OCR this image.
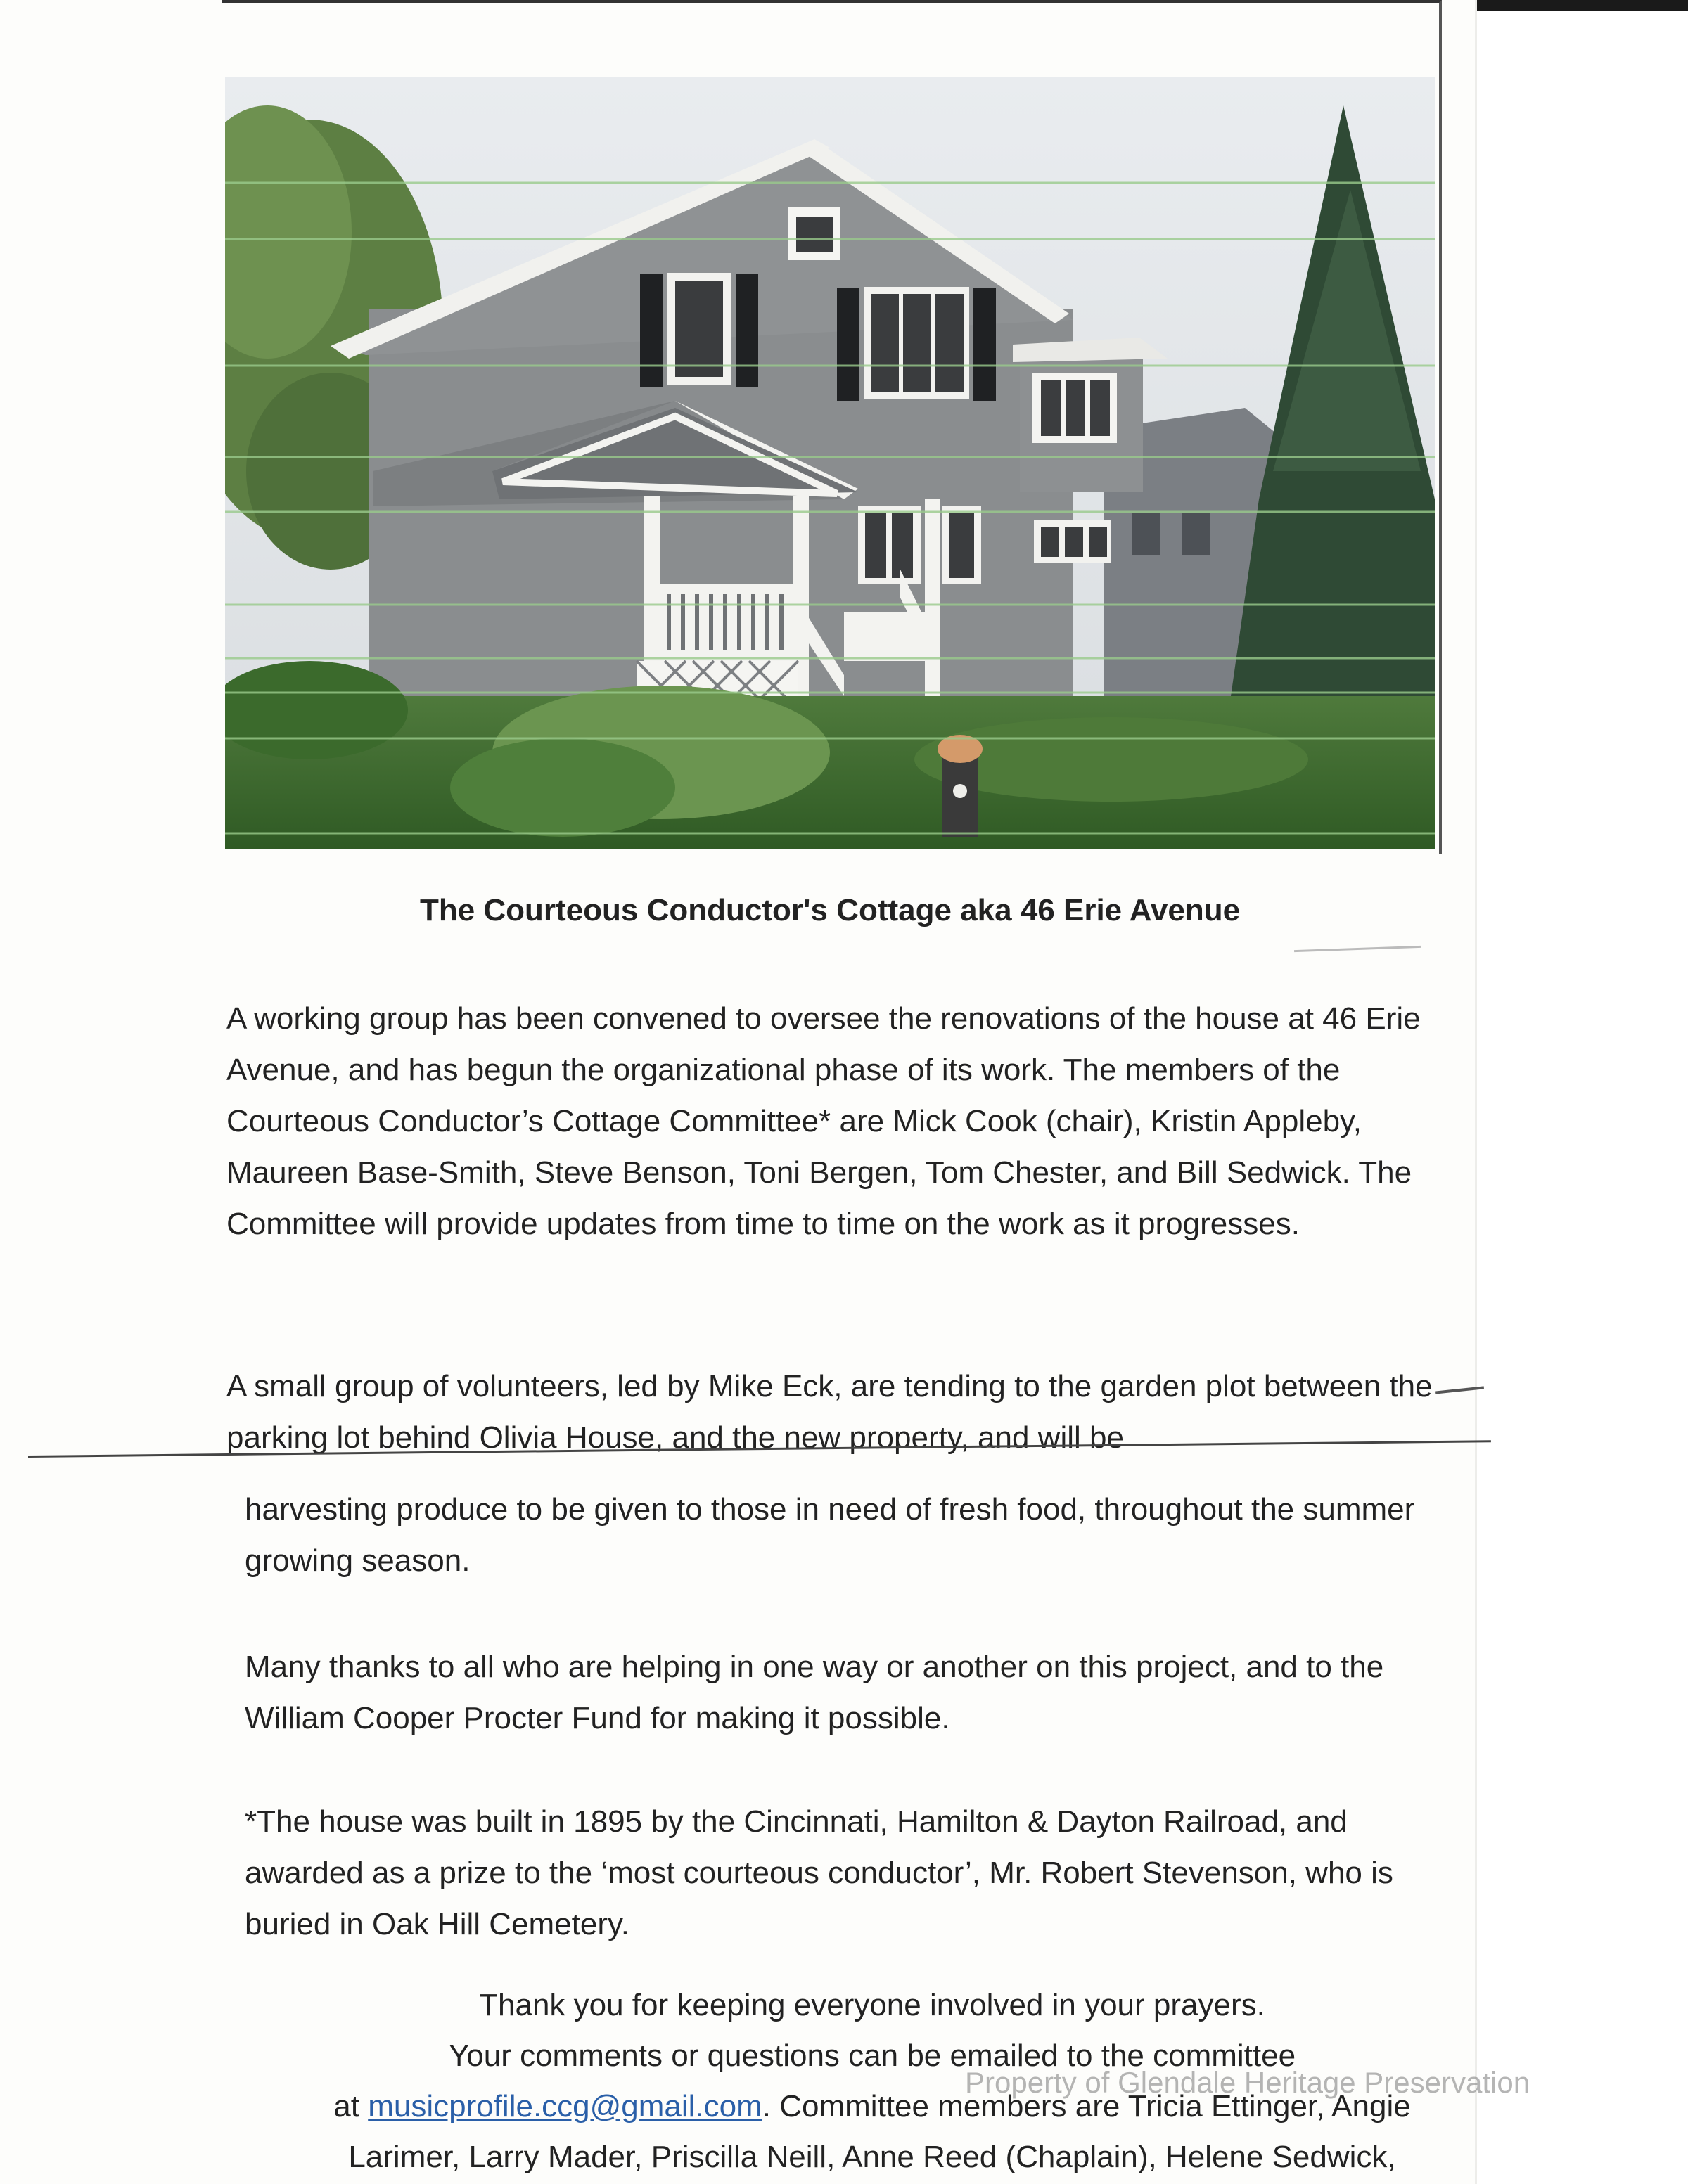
The Courteous Conductor's Cottage aka 46 Erie Avenue

A working group has been convened to oversee the renovations of the house at 46 Erie Avenue, and has begun the organizational phase of its work. The members of the Courteous Conductor’s Cottage Committee* are Mick Cook (chair), Kristin Appleby, Maureen Base-Smith, Steve Benson, Toni Bergen, Tom Chester, and Bill Sedwick. The Committee will provide updates from time to time on the work as it progresses.

A small group of volunteers, led by Mike Eck, are tending to the garden plot between the parking lot behind Olivia House, and the new property, and will be

harvesting produce to be given to those in need of fresh food, throughout the summer growing season.

Many thanks to all who are helping in one way or another on this project, and to the William Cooper Procter Fund for making it possible.

*The house was built in 1895 by the Cincinnati, Hamilton & Dayton Railroad, and awarded as a prize to the ‘most courteous conductor’, Mr. Robert Stevenson, who is buried in Oak Hill Cemetery.

Thank you for keeping everyone involved in your prayers.
Your comments or questions can be emailed to the committee
at musicprofile.ccg@gmail.com. Committee members are Tricia Ettinger, Angie
Larimer, Larry Mader, Priscilla Neill, Anne Reed (Chaplain), Helene Sedwick,

Property of Glendale Heritage Preservation
